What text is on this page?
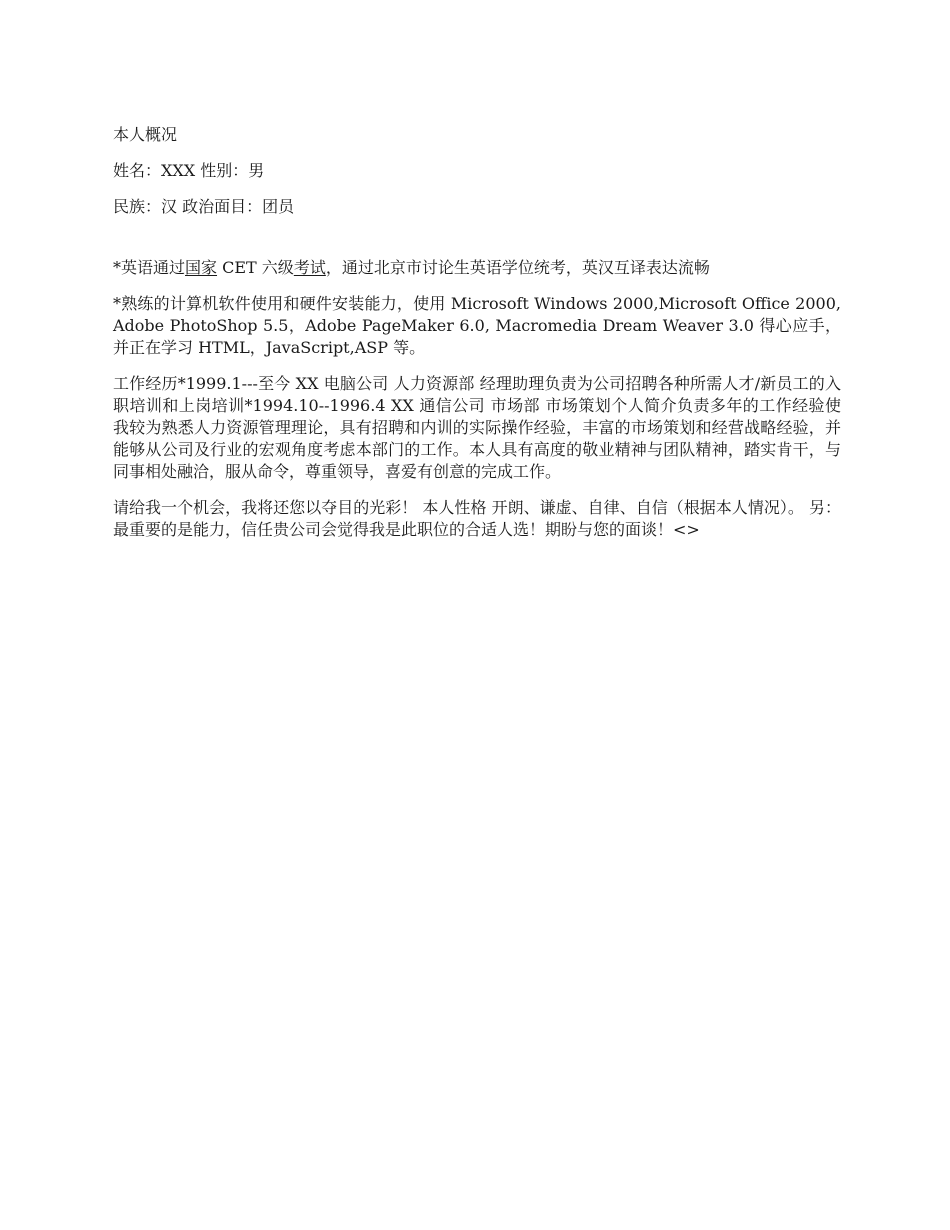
本人概况

姓名：XXX 性别：男

民族：汉 政治面目：团员

*英语通过国家 CET 六级考试，通过北京市讨论生英语学位统考，英汉互译表达流畅

*熟练的计算机软件使用和硬件安装能力，使用 Microsoft Windows 2000,Microsoft Office 2000,Adobe PhotoShop 5.5，Adobe PageMaker 6.0, Macromedia Dream Weaver 3.0 得心应手，并正在学习 HTML，JavaScript,ASP 等。

工作经历*1999.1---至今 XX 电脑公司 人力资源部 经理助理负责为公司招聘各种所需人才/新员工的入职培训和上岗培训*1994.10--1996.4 XX 通信公司 市场部 市场策划个人简介负责多年的工作经验使我较为熟悉人力资源管理理论，具有招聘和内训的实际操作经验，丰富的市场策划和经营战略经验，并能够从公司及行业的宏观角度考虑本部门的工作。本人具有高度的敬业精神与团队精神，踏实肯干，与同事相处融洽，服从命令，尊重领导，喜爱有创意的完成工作。

请给我一个机会，我将还您以夺目的光彩！ 本人性格 开朗、谦虚、自律、自信（根据本人情况）。 另：最重要的是能力，信任贵公司会觉得我是此职位的合适人选！期盼与您的面谈！<>
